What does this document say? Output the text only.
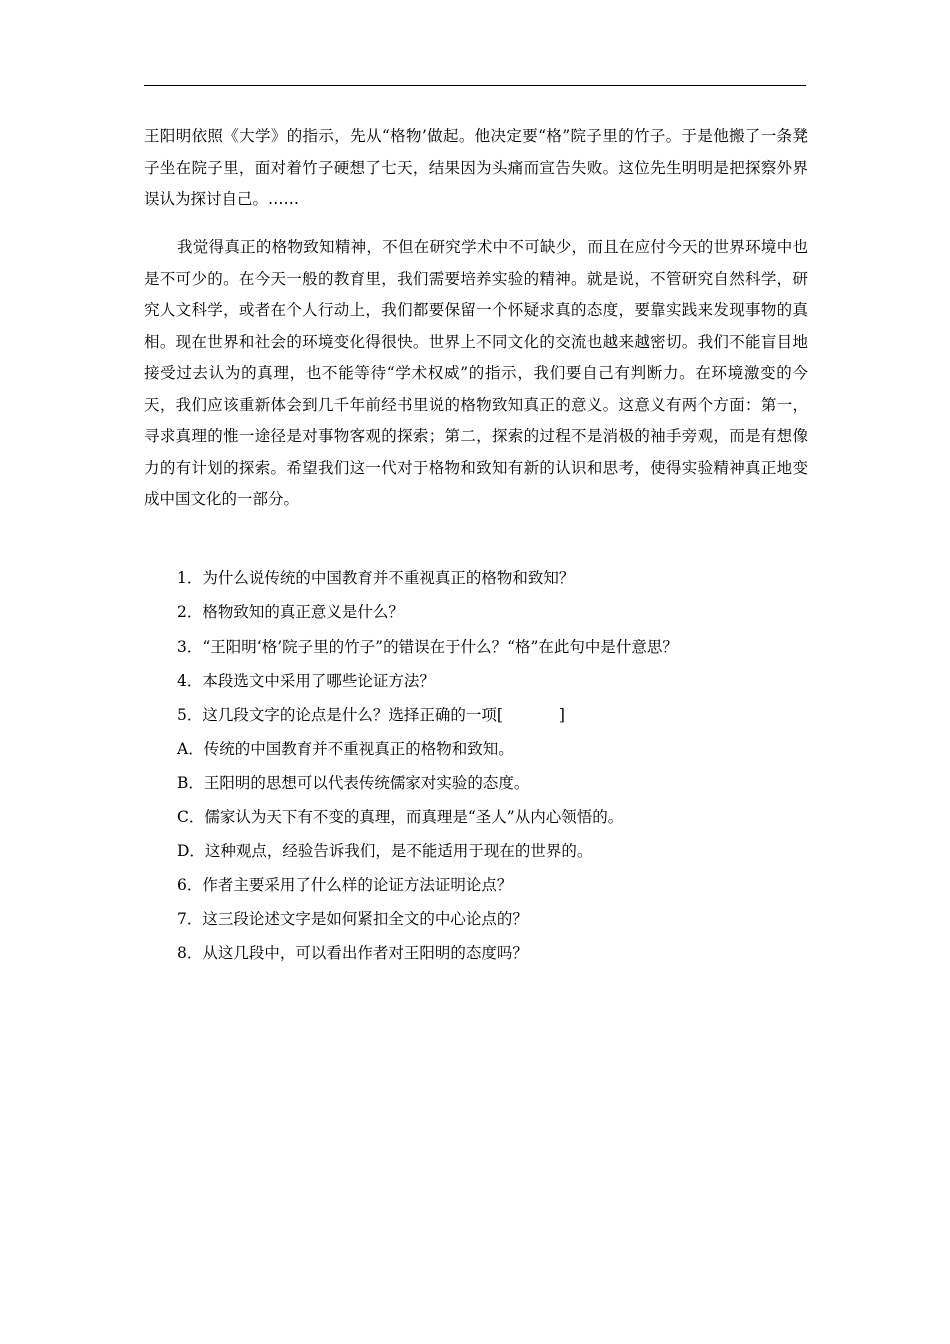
王阳明依照《大学》的指示，先从“格物’做起。他决定要“格”院子里的竹子。于是他搬了一条凳子坐在院子里，面对着竹子硬想了七天，结果因为头痛而宣告失败。这位先生明明是把探察外界误认为探讨自己。……

我觉得真正的格物致知精神，不但在研究学术中不可缺少，而且在应付今天的世界环境中也是不可少的。在今天一般的教育里，我们需要培养实验的精神。就是说，不管研究自然科学，研究人文科学，或者在个人行动上，我们都要保留一个怀疑求真的态度，要靠实践来发现事物的真相。现在世界和社会的环境变化得很快。世界上不同文化的交流也越来越密切。我们不能盲目地接受过去认为的真理，也不能等待“学术权威”的指示，我们要自己有判断力。在环境激变的今天，我们应该重新体会到几千年前经书里说的格物致知真正的意义。这意义有两个方面：第一，寻求真理的惟一途径是对事物客观的探索；第二，探索的过程不是消极的袖手旁观，而是有想像力的有计划的探索。希望我们这一代对于格物和致知有新的认识和思考，使得实验精神真正地变成中国文化的一部分。

1．为什么说传统的中国教育并不重视真正的格物和致知？

2．格物致知的真正意义是什么？

3．“王阳明‘格’院子里的竹子”的错误在于什么？“格”在此句中是什意思？

4．本段选文中采用了哪些论证方法？

5．这几段文字的论点是什么？选择正确的一项[	]

A．传统的中国教育并不重视真正的格物和致知。

B．王阳明的思想可以代表传统儒家对实验的态度。

C．儒家认为天下有不变的真理，而真理是“圣人”从内心领悟的。

D．这种观点，经验告诉我们，是不能适用于现在的世界的。

6．作者主要采用了什么样的论证方法证明论点？

7．这三段论述文字是如何紧扣全文的中心论点的？

8．从这几段中，可以看出作者对王阳明的态度吗？
